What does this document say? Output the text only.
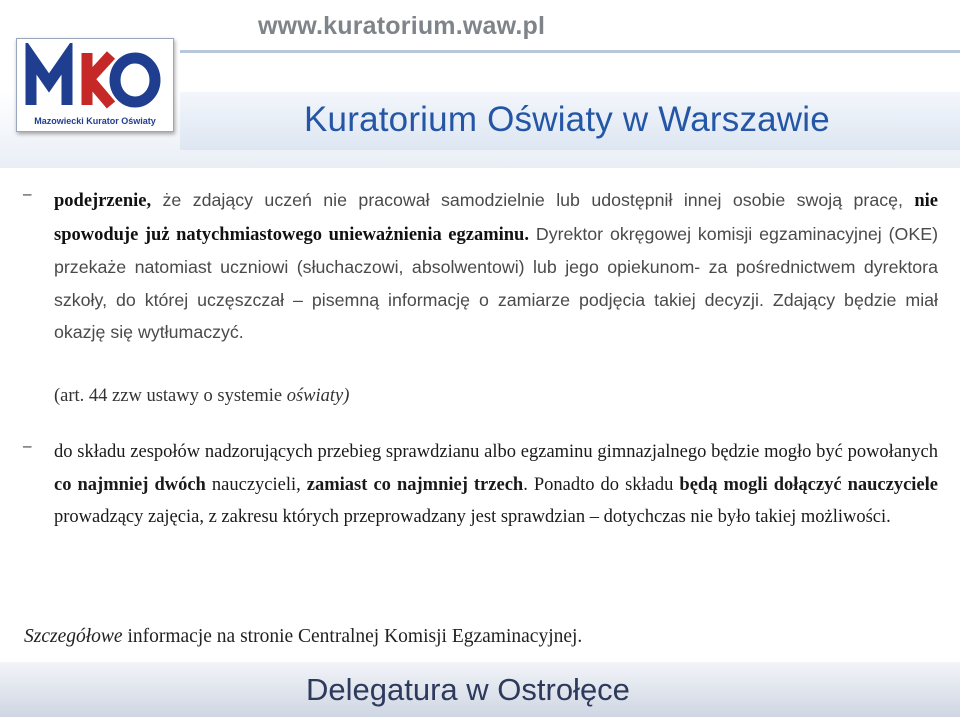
Mazowiecki Kurator Oświaty
www.kuratorium.waw.pl
Kuratorium Oświaty w Warszawie
− podejrzenie, że zdający uczeń nie pracował samodzielnie lub udostępnił innej osobie swoją pracę, nie spowoduje już natychmiastowego unieważnienia egzaminu. Dyrektor okręgowej komisji egzaminacyjnej (OKE) przekaże natomiast uczniowi (słuchaczowi, absolwentowi) lub jego opiekunom- za pośrednictwem dyrektora szkoły, do której uczęszczał – pisemną informację o zamiarze podjęcia takiej decyzji. Zdający będzie miał okazję się wytłumaczyć.
(art. 44 zzw ustawy o systemie oświaty)
− do składu zespołów nadzorujących przebieg sprawdzianu albo egzaminu gimnazjalnego będzie mogło być powołanych co najmniej dwóch nauczycieli, zamiast co najmniej trzech. Ponadto do składu będą mogli dołączyć nauczyciele prowadzący zajęcia, z zakresu których przeprowadzany jest sprawdzian – dotychczas nie było takiej możliwości.
Szczegółowe informacje na stronie Centralnej Komisji Egzaminacyjnej.
Delegatura w Ostrołęce
